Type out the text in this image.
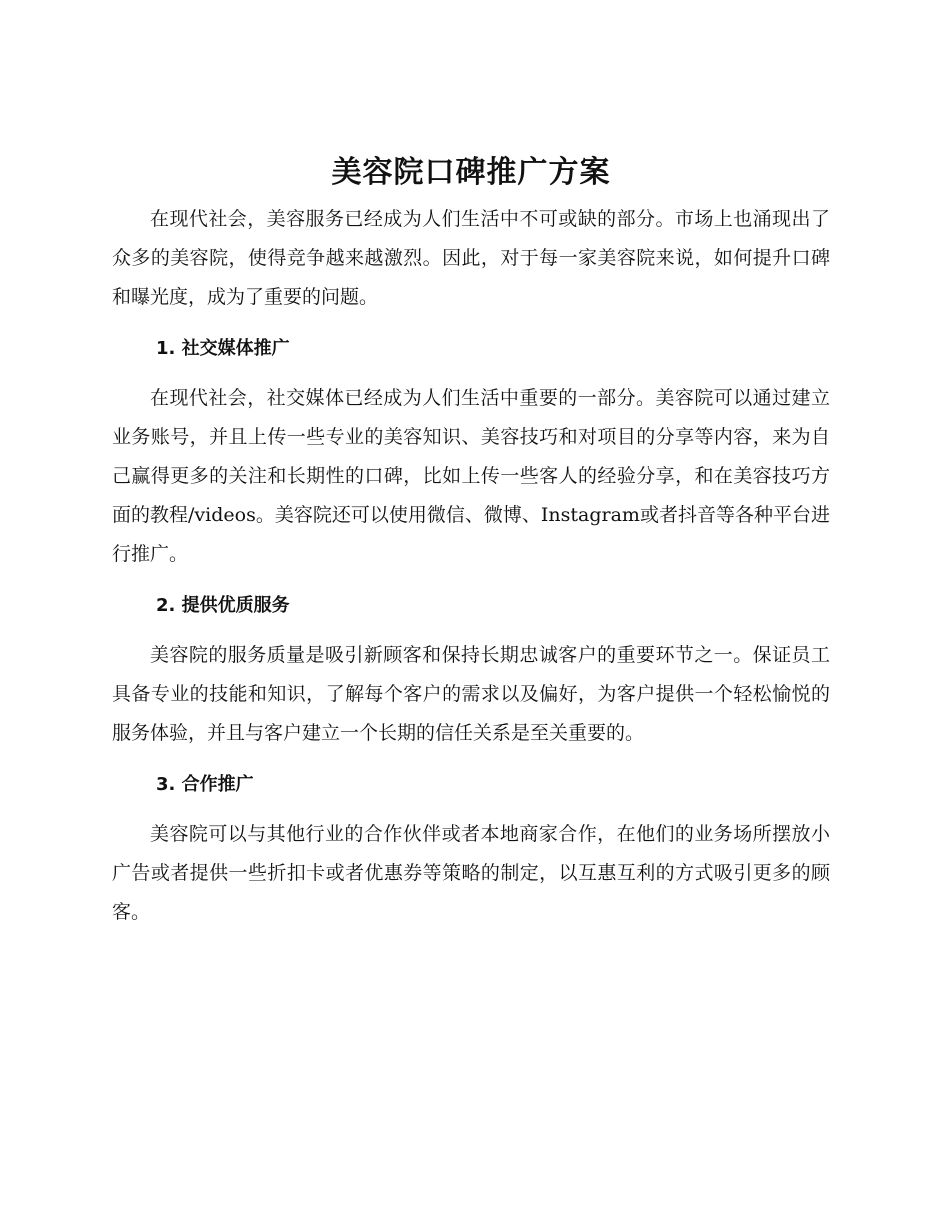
美容院口碑推广方案

在现代社会，美容服务已经成为人们生活中不可或缺的部分。市场上也涌现出了众多的美容院，使得竞争越来越激烈。因此，对于每一家美容院来说，如何提升口碑和曝光度，成为了重要的问题。

1. 社交媒体推广

在现代社会，社交媒体已经成为人们生活中重要的一部分。美容院可以通过建立业务账号，并且上传一些专业的美容知识、美容技巧和对项目的分享等内容，来为自己赢得更多的关注和长期性的口碑，比如上传一些客人的经验分享，和在美容技巧方面的教程/videos。美容院还可以使用微信、微博、Instagram或者抖音等各种平台进行推广。

2. 提供优质服务

美容院的服务质量是吸引新顾客和保持长期忠诚客户的重要环节之一。保证员工具备专业的技能和知识，了解每个客户的需求以及偏好，为客户提供一个轻松愉悦的服务体验，并且与客户建立一个长期的信任关系是至关重要的。

3. 合作推广

美容院可以与其他行业的合作伙伴或者本地商家合作，在他们的业务场所摆放小广告或者提供一些折扣卡或者优惠券等策略的制定，以互惠互利的方式吸引更多的顾客。
